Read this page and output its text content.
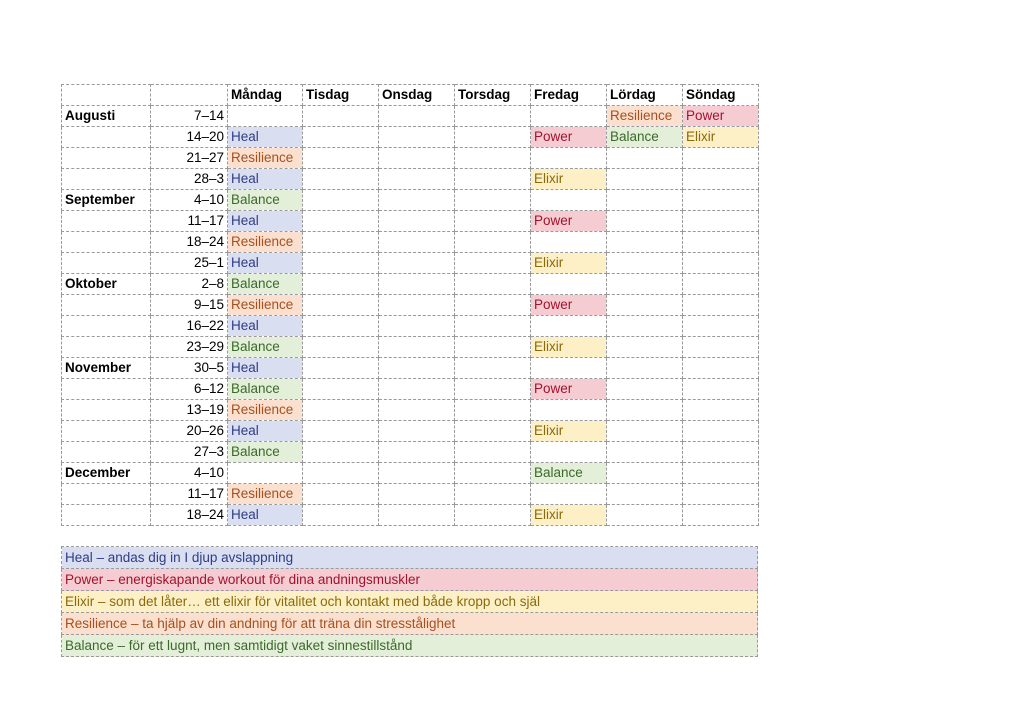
		Måndag	Tisdag	Onsdag	Torsdag	Fredag	Lördag	Söndag
Augusti	7–14						Resilience	Power
	14–20	Heal				Power	Balance	Elixir
	21–27	Resilience						
	28–3	Heal				Elixir		
September	4–10	Balance						
	11–17	Heal				Power		
	18–24	Resilience						
	25–1	Heal				Elixir		
Oktober	2–8	Balance						
	9–15	Resilience				Power		
	16–22	Heal						
	23–29	Balance				Elixir		
November	30–5	Heal						
	6–12	Balance				Power		
	13–19	Resilience						
	20–26	Heal				Elixir		
	27–3	Balance						
December	4–10					Balance		
	11–17	Resilience						
	18–24	Heal				Elixir		
Heal – andas dig in I djup avslappning
Power – energiskapande workout för dina andningsmuskler
Elixir – som det låter… ett elixir för vitalitet och kontakt med både kropp och själ
Resilience – ta hjälp av din andning för att träna din stresstålighet
Balance – för ett lugnt, men samtidigt vaket sinnestillstånd
